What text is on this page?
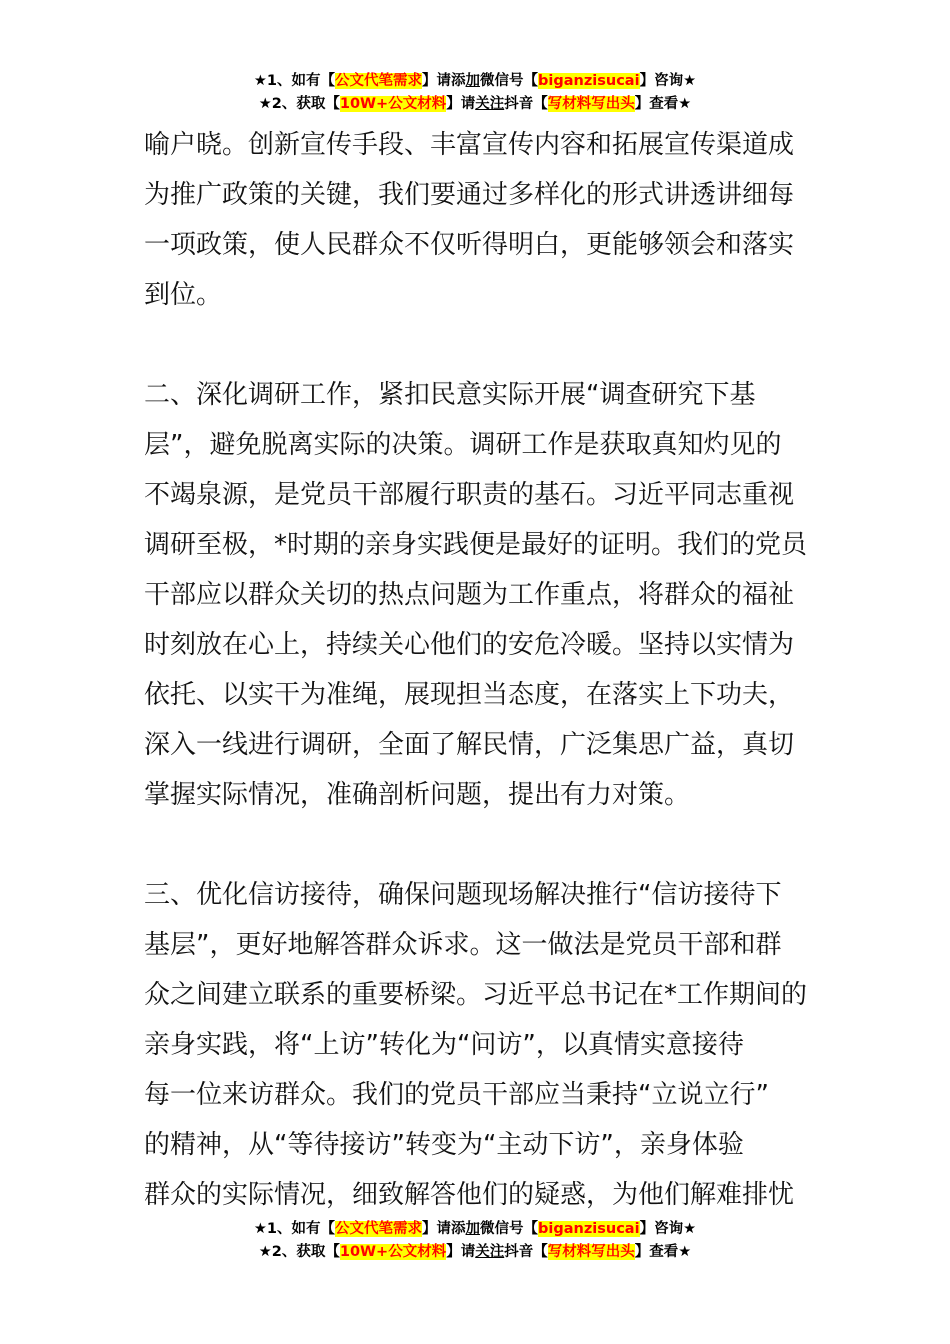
★1、如有【公文代笔需求】请添加微信号【biganzisucai】咨询★
★2、获取【10W+公文材料】请关注抖音【写材料写出头】查看★

喻户晓。创新宣传手段、丰富宣传内容和拓展宣传渠道成
为推广政策的关键，我们要通过多样化的形式讲透讲细每
一项政策，使人民群众不仅听得明白，更能够领会和落实
到位。

二、深化调研工作，紧扣民意实际开展“调查研究下基
层”，避免脱离实际的决策。调研工作是获取真知灼见的
不竭泉源，是党员干部履行职责的基石。习近平同志重视
调研至极，*时期的亲身实践便是最好的证明。我们的党员
干部应以群众关切的热点问题为工作重点，将群众的福祉
时刻放在心上，持续关心他们的安危冷暖。坚持以实情为
依托、以实干为准绳，展现担当态度，在落实上下功夫，
深入一线进行调研，全面了解民情，广泛集思广益，真切
掌握实际情况，准确剖析问题，提出有力对策。

三、优化信访接待，确保问题现场解决推行“信访接待下
基层”，更好地解答群众诉求。这一做法是党员干部和群
众之间建立联系的重要桥梁。习近平总书记在*工作期间的
亲身实践，将“上访”转化为“问访”，以真情实意接待
每一位来访群众。我们的党员干部应当秉持“立说立行”
的精神，从“等待接访”转变为“主动下访”，亲身体验
群众的实际情况，细致解答他们的疑惑，为他们解难排忧

★1、如有【公文代笔需求】请添加微信号【biganzisucai】咨询★
★2、获取【10W+公文材料】请关注抖音【写材料写出头】查看★
